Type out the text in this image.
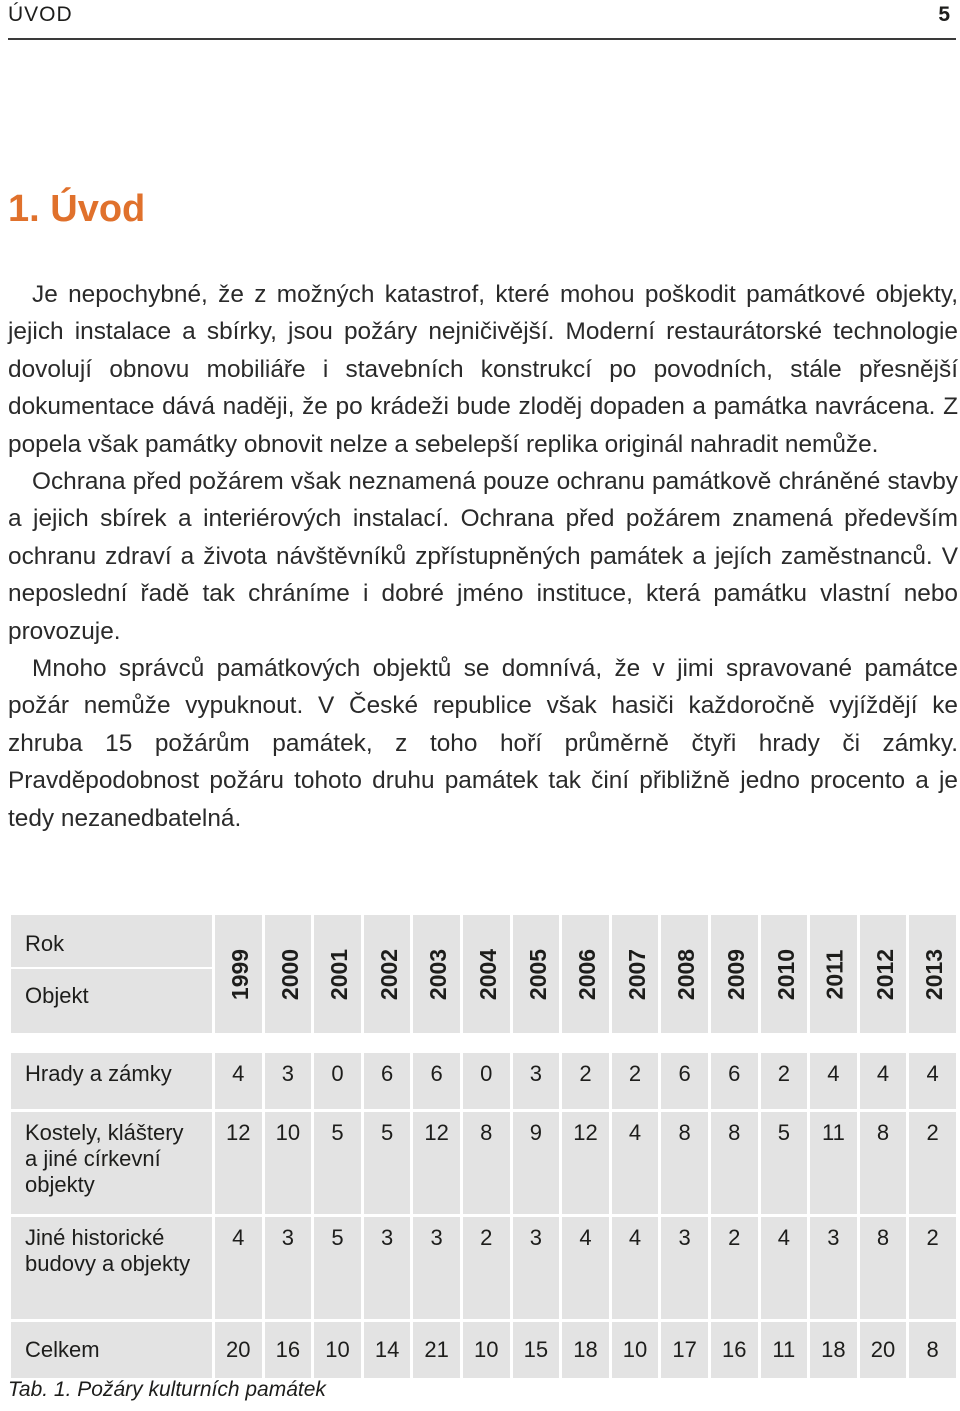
ÚVOD	5
1. Úvod

Je nepochybné, že z možných katastrof, které mohou poškodit památkové objekty, jejich instalace a sbírky, jsou požáry nejničivější. Moderní restaurátorské technologie dovolují obnovu mobiliáře i stavebních konstrukcí po povodních, stále přesnější dokumentace dává naději, že po krádeži bude zloděj dopaden a památka navrácena. Z popela však památky obnovit nelze a sebelepší replika originál nahradit nemůže.

Ochrana před požárem však neznamená pouze ochranu památkově chráněné stavby a jejich sbírek a interiérových instalací. Ochrana před požárem znamená především ochranu zdraví a života návštěvníků zpřístupněných památek a jejích zaměstnanců. V neposlední řadě tak chráníme i dobré jméno instituce, která památku vlastní nebo provozuje.

Mnoho správců památkových objektů se domnívá, že v jimi spravované památce požár nemůže vypuknout. V České republice však hasiči každoročně vyjíždějí ke zhruba 15 požárům památek, z toho hoří průměrně čtyři hrady či zámky. Pravděpodobnost požáru tohoto druhu památek tak činí přibližně jedno procento a je tedy nezanedbatelná.

Rok
Objekt	1999	2000	2001	2002	2003	2004	2005	2006	2007	2008	2009	2010	2011	2012	2013

Hrady a zámky	4	3	0	6	6	0	3	2	2	6	6	2	4	4	4
Kostely, kláštery a jiné církevní objekty	12	10	5	5	12	8	9	12	4	8	8	5	11	8	2
Jiné historické budovy a objekty	4	3	5	3	3	2	3	4	4	3	2	4	3	8	2
Celkem	20	16	10	14	21	10	15	18	10	17	16	11	18	20	8
Tab. 1. Požáry kulturních památek
